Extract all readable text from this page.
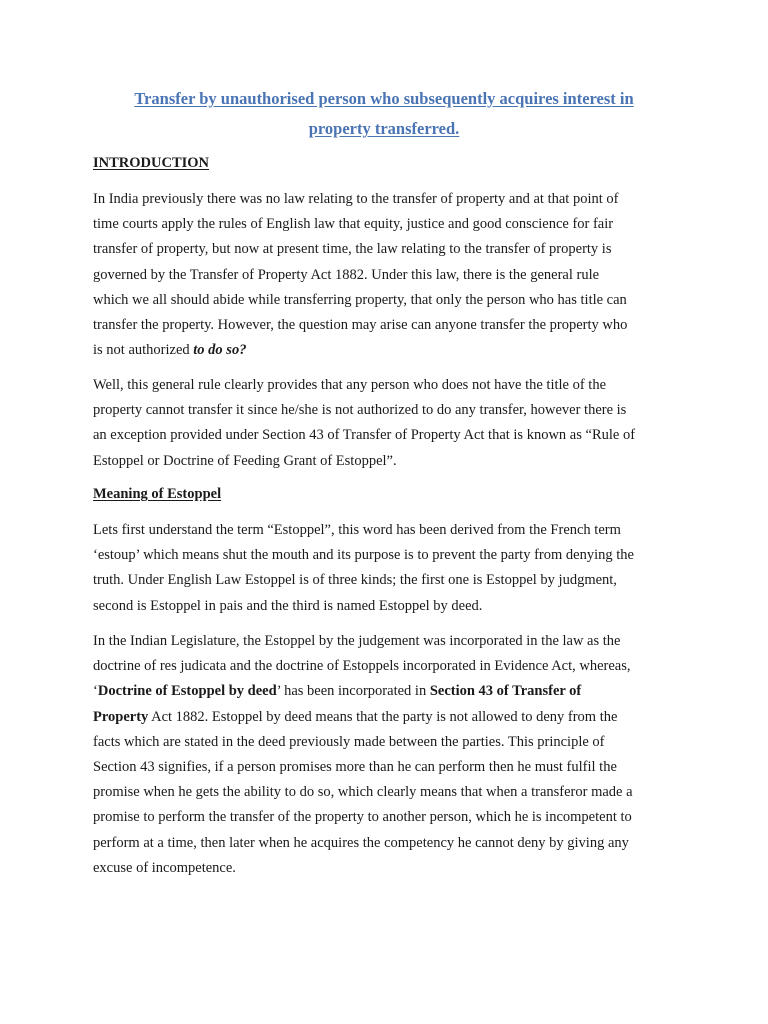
Transfer by unauthorised person who subsequently acquires interest in
property transferred.
INTRODUCTION
In India previously there was no law relating to the transfer of property and at that point of
time courts apply the rules of English law that equity, justice and good conscience for fair
transfer of property, but now at present time, the law relating to the transfer of property is
governed by the Transfer of Property Act 1882. Under this law, there is the general rule
which we all should abide while transferring property, that only the person who has title can
transfer the property. However, the question may arise can anyone transfer the property who
is not authorized to do so?
Well, this general rule clearly provides that any person who does not have the title of the
property cannot transfer it since he/she is not authorized to do any transfer, however there is
an exception provided under Section 43 of Transfer of Property Act that is known as “Rule of
Estoppel or Doctrine of Feeding Grant of Estoppel”.
Meaning of Estoppel
Lets first understand the term “Estoppel”, this word has been derived from the French term
‘estoup’ which means shut the mouth and its purpose is to prevent the party from denying the
truth. Under English Law Estoppel is of three kinds; the first one is Estoppel by judgment,
second is Estoppel in pais and the third is named Estoppel by deed.
In the Indian Legislature, the Estoppel by the judgement was incorporated in the law as the
doctrine of res judicata and the doctrine of Estoppels incorporated in Evidence Act, whereas,
‘Doctrine of Estoppel by deed’ has been incorporated in Section 43 of Transfer of
Property Act 1882. Estoppel by deed means that the party is not allowed to deny from the
facts which are stated in the deed previously made between the parties. This principle of
Section 43 signifies, if a person promises more than he can perform then he must fulfil the
promise when he gets the ability to do so, which clearly means that when a transferor made a
promise to perform the transfer of the property to another person, which he is incompetent to
perform at a time, then later when he acquires the competency he cannot deny by giving any
excuse of incompetence.
